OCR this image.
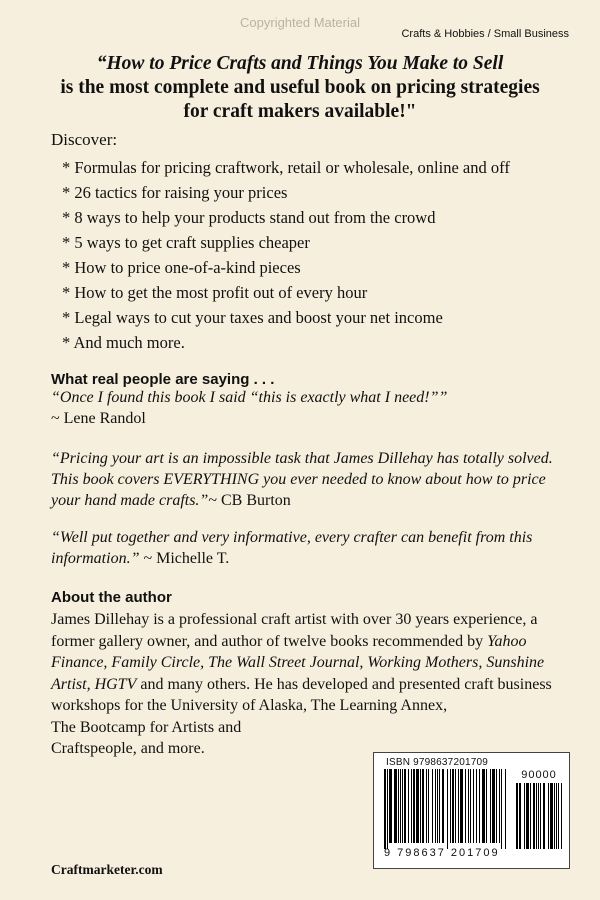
Copyrighted Material
Crafts & Hobbies / Small Business
“How to Price Crafts and Things You Make to Sell
is the most complete and useful book on pricing strategies for craft makers available!"
Discover:
* Formulas for pricing craftwork, retail or wholesale, online and off
* 26 tactics for raising your prices
* 8 ways to help your products stand out from the crowd
* 5 ways to get craft supplies cheaper
* How to price one-of-a-kind pieces
* How to get the most profit out of every hour
* Legal ways to cut your taxes and boost your net income
* And much more.
What real people are saying . . .
“Once I found this book I said “this is exactly what I need!””
~ Lene Randol
“Pricing your art is an impossible task that James Dillehay has totally solved. This book covers EVERYTHING you ever needed to know about how to price your hand made crafts.”~ CB Burton
“Well put together and very informative, every crafter can benefit from this information.” ~ Michelle T.
About the author
James Dillehay is a professional craft artist with over 30 years experience, a former gallery owner, and author of twelve books recommended by Yahoo Finance, Family Circle, The Wall Street Journal, Working Mothers, Sunshine Artist, HGTV and many others. He has developed and presented craft business workshops for the University of Alaska, The Learning Annex,
The Bootcamp for Artists and
Craftspeople, and more.
ISBN 9798637201709
9 798637 201709
90000
Craftmarketer.com
